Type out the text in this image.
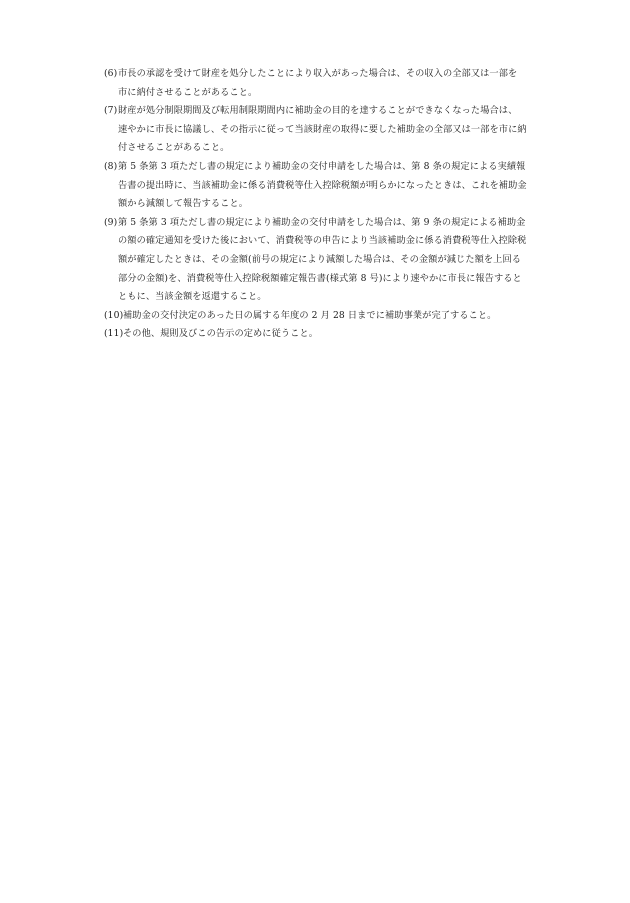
(6) 市長の承認を受けて財産を処分したことにより収入があった場合は、その収入の全部又は一部を
市に納付させることがあること。
(7) 財産が処分制限期間及び転用制限期間内に補助金の目的を達することができなくなった場合は、
速やかに市長に協議し、その指示に従って当該財産の取得に要した補助金の全部又は一部を市に納
付させることがあること。
(8) 第 5 条第 3 項ただし書の規定により補助金の交付申請をした場合は、第 8 条の規定による実績報
告書の提出時に、当該補助金に係る消費税等仕入控除税額が明らかになったときは、これを補助金
額から減額して報告すること。
(9) 第 5 条第 3 項ただし書の規定により補助金の交付申請をした場合は、第 9 条の規定による補助金
の額の確定通知を受けた後において、消費税等の申告により当該補助金に係る消費税等仕入控除税
額が確定したときは、その金額(前号の規定により減額した場合は、その金額が減じた額を上回る
部分の金額)を、消費税等仕入控除税額確定報告書(様式第 8 号)により速やかに市長に報告すると
ともに、当該金額を返還すること。
(10) 補助金の交付決定のあった日の属する年度の 2 月 28 日までに補助事業が完了すること。
(11) その他、規則及びこの告示の定めに従うこと。
